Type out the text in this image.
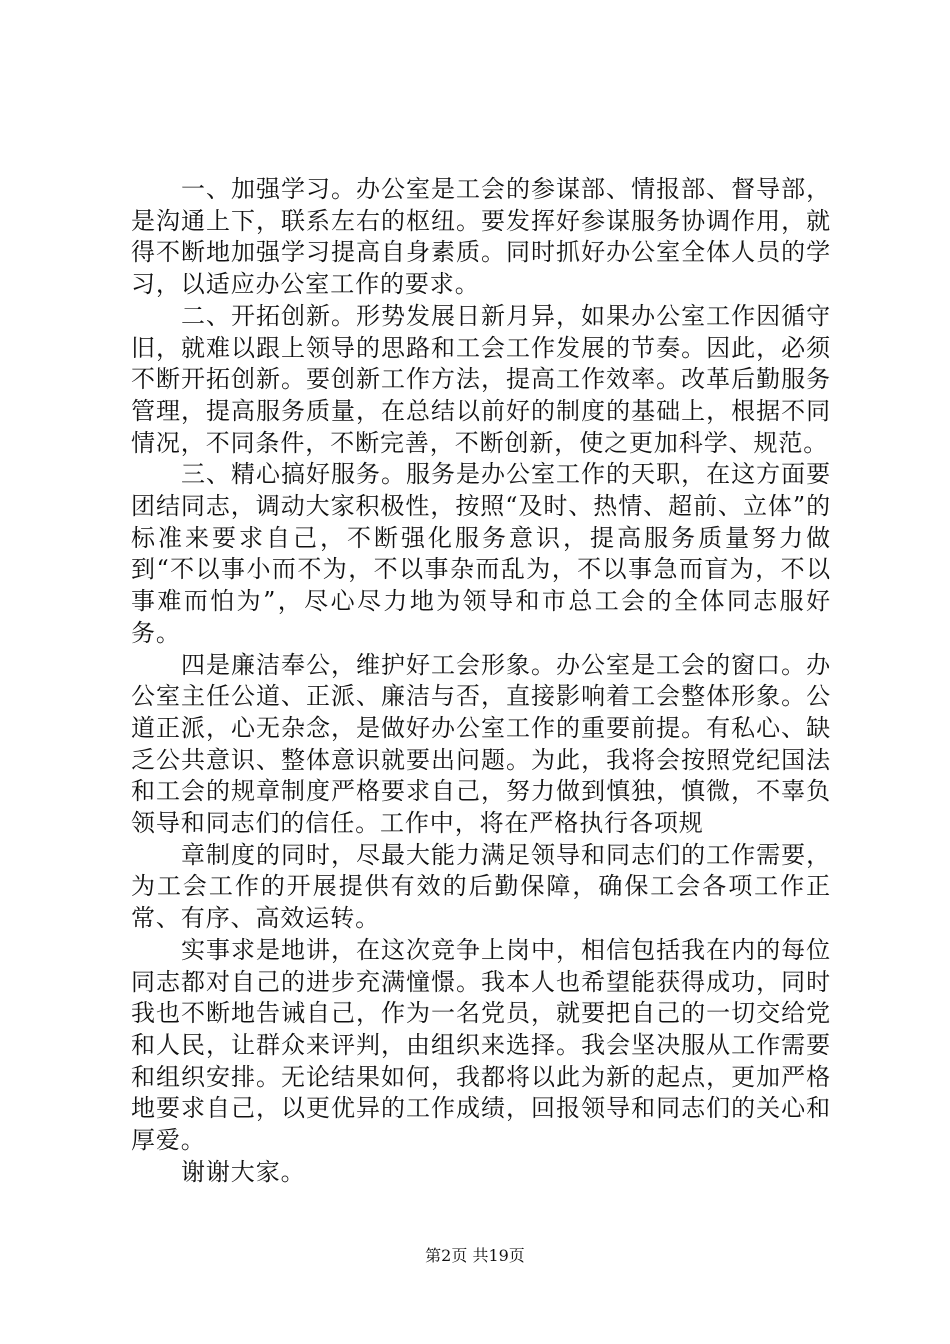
一、加强学习。办公室是工会的参谋部、情报部、督导部，是沟通上下，联系左右的枢纽。要发挥好参谋服务协调作用，就得不断地加强学习提高自身素质。同时抓好办公室全体人员的学习，以适应办公室工作的要求。

二、开拓创新。形势发展日新月异，如果办公室工作因循守旧，就难以跟上领导的思路和工会工作发展的节奏。因此，必须不断开拓创新。要创新工作方法，提高工作效率。改革后勤服务管理，提高服务质量，在总结以前好的制度的基础上，根据不同情况，不同条件，不断完善，不断创新，使之更加科学、规范。

三、精心搞好服务。服务是办公室工作的天职，在这方面要团结同志，调动大家积极性，按照“及时、热情、超前、立体”的标准来要求自己，不断强化服务意识，提高服务质量努力做到“不以事小而不为，不以事杂而乱为，不以事急而盲为，不以事难而怕为”，尽心尽力地为领导和市总工会的全体同志服好务。

四是廉洁奉公，维护好工会形象。办公室是工会的窗口。办公室主任公道、正派、廉洁与否，直接影响着工会整体形象。公道正派，心无杂念，是做好办公室工作的重要前提。有私心、缺乏公共意识、整体意识就要出问题。为此，我将会按照党纪国法和工会的规章制度严格要求自己，努力做到慎独，慎微，不辜负领导和同志们的信任。工作中，将在严格执行各项规

章制度的同时，尽最大能力满足领导和同志们的工作需要，为工会工作的开展提供有效的后勤保障，确保工会各项工作正常、有序、高效运转。

实事求是地讲，在这次竞争上岗中，相信包括我在内的每位同志都对自己的进步充满憧憬。我本人也希望能获得成功，同时我也不断地告诫自己，作为一名党员，就要把自己的一切交给党和人民，让群众来评判，由组织来选择。我会坚决服从工作需要和组织安排。无论结果如何，我都将以此为新的起点，更加严格地要求自己，以更优异的工作成绩，回报领导和同志们的关心和厚爱。

谢谢大家。

第2页 共19页
